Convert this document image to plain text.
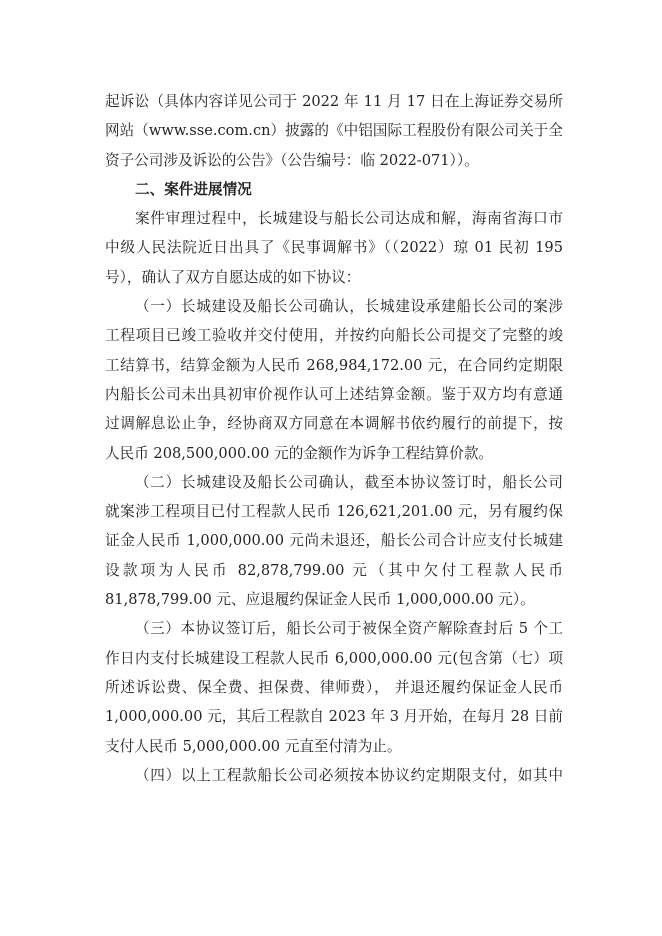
起诉讼（具体内容详见公司于 2022 年 11 月 17 日在上海证券交易所
网站（www.sse.com.cn）披露的《中铝国际工程股份有限公司关于全
资子公司涉及诉讼的公告》（公告编号：临 2022-071））。
二、案件进展情况
案件审理过程中，长城建设与船长公司达成和解，海南省海口市
中级人民法院近日出具了《民事调解书》（（2022）琼 01 民初 195
号），确认了双方自愿达成的如下协议：
（一）长城建设及船长公司确认，长城建设承建船长公司的案涉
工程项目已竣工验收并交付使用，并按约向船长公司提交了完整的竣
工结算书，结算金额为人民币 268,984,172.00 元，在合同约定期限
内船长公司未出具初审价视作认可上述结算金额。鉴于双方均有意通
过调解息讼止争，经协商双方同意在本调解书依约履行的前提下，按
人民币 208,500,000.00 元的金额作为诉争工程结算价款。
（二）长城建设及船长公司确认，截至本协议签订时，船长公司
就案涉工程项目已付工程款人民币 126,621,201.00 元，另有履约保
证金人民币 1,000,000.00 元尚未退还，船长公司合计应支付长城建
设款项为人民币 82,878,799.00 元（其中欠付工程款人民币
81,878,799.00 元、应退履约保证金人民币 1,000,000.00 元）。
（三）本协议签订后，船长公司于被保全资产解除查封后 5 个工
作日内支付长城建设工程款人民币 6,000,000.00 元(包含第（七）项
所述诉讼费、保全费、担保费、律师费）， 并退还履约保证金人民币
1,000,000.00 元，其后工程款自 2023 年 3 月开始，在每月 28 日前
支付人民币 5,000,000.00 元直至付清为止。
（四）以上工程款船长公司必须按本协议约定期限支付，如其中
